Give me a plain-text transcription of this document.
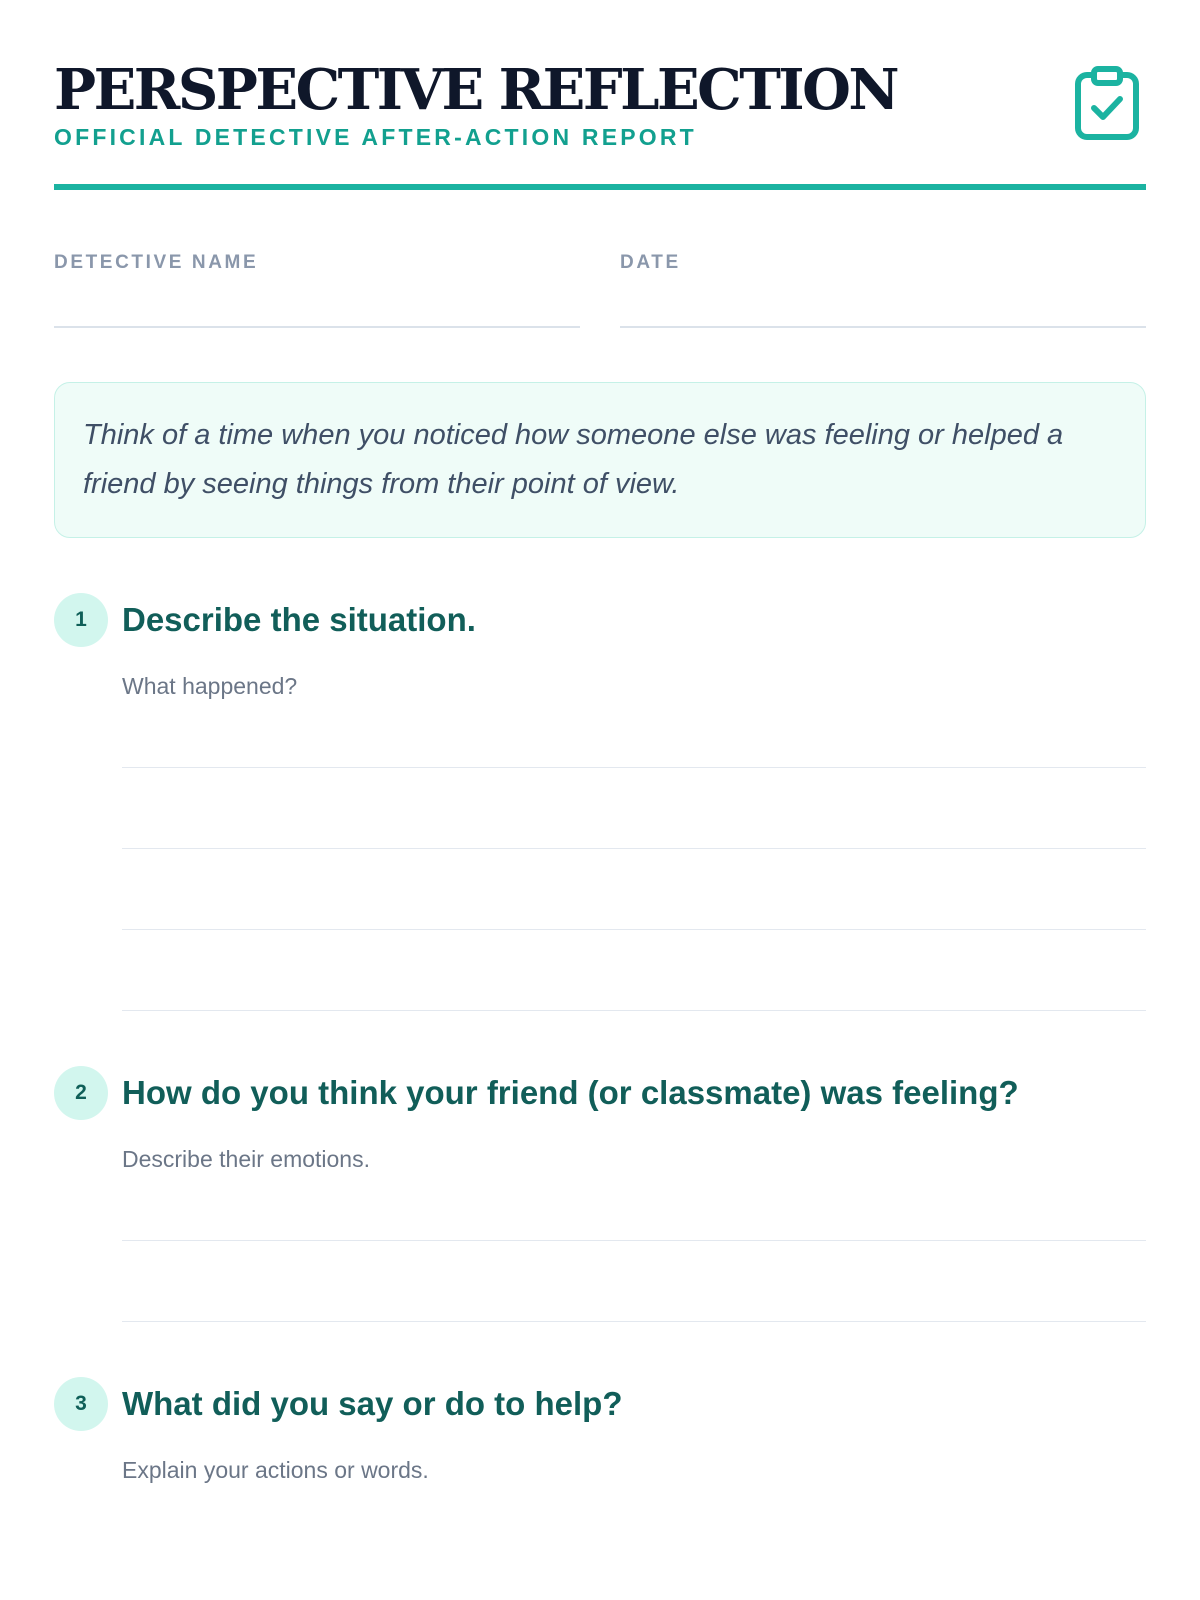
PERSPECTIVE REFLECTION
OFFICIAL DETECTIVE AFTER-ACTION REPORT
DETECTIVE NAME	DATE
Think of a time when you noticed how someone else was feeling or helped a friend by seeing things from their point of view.
1	Describe the situation.
What happened?
2	How do you think your friend (or classmate) was feeling?
Describe their emotions.
3	What did you say or do to help?
Explain your actions or words.
